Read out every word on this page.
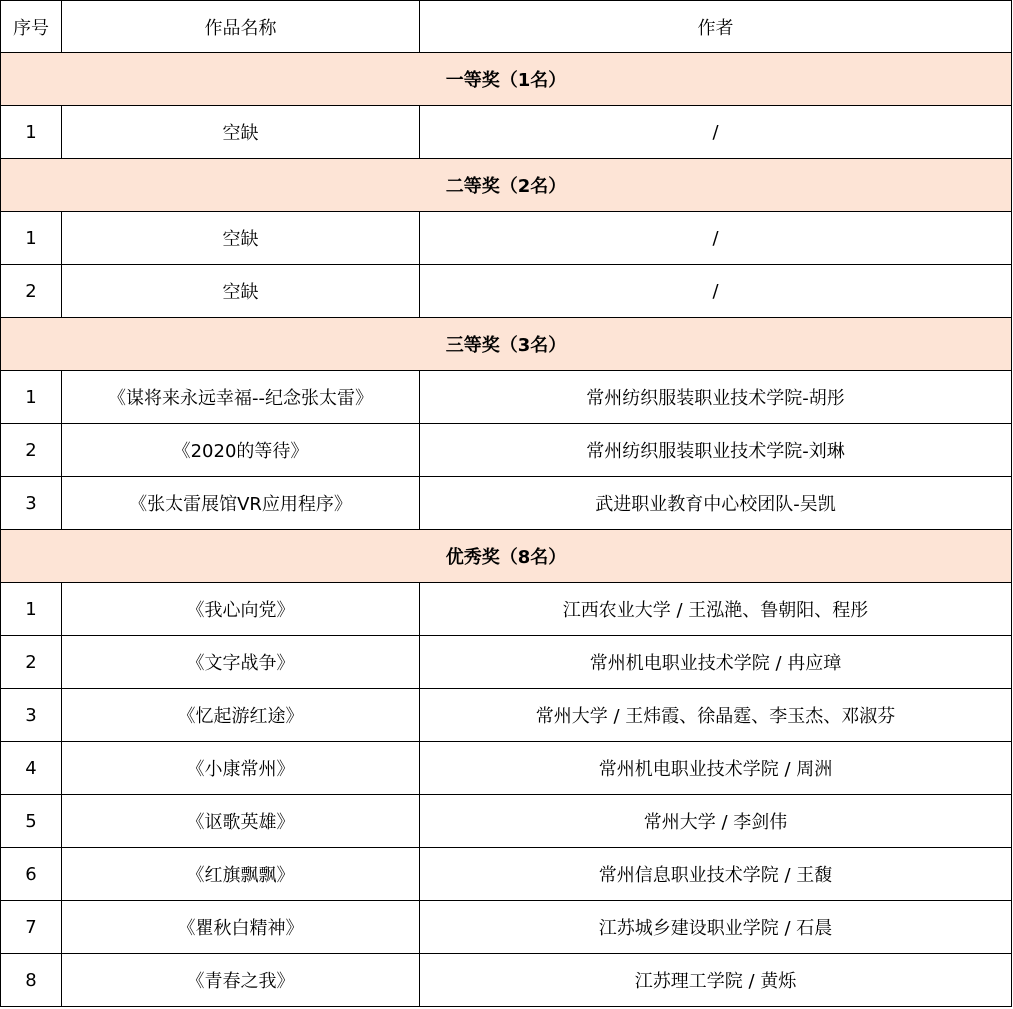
序号	作品名称	作者
一等奖（1名）		
1	空缺	/
二等奖（2名）		
1	空缺	/
2	空缺	/
三等奖（3名）		
1	《谋将来永远幸福--纪念张太雷》	常州纺织服装职业技术学院-胡彤
2	《2020的等待》	常州纺织服装职业技术学院-刘琳
3	《张太雷展馆VR应用程序》	武进职业教育中心校团队-吴凯
优秀奖（8名）		
1	《我心向党》	江西农业大学 / 王泓滟、鲁朝阳、程彤
2	《文字战争》	常州机电职业技术学院 / 冉应璋
3	《忆起游红途》	常州大学 / 王炜霞、徐晶霆、李玉杰、邓淑芬
4	《小康常州》	常州机电职业技术学院 / 周洲
5	《讴歌英雄》	常州大学 / 李剑伟
6	《红旗飘飘》	常州信息职业技术学院 / 王馥
7	《瞿秋白精神》	江苏城乡建设职业学院 / 石晨
8	《青春之我》	江苏理工学院 / 黄烁
